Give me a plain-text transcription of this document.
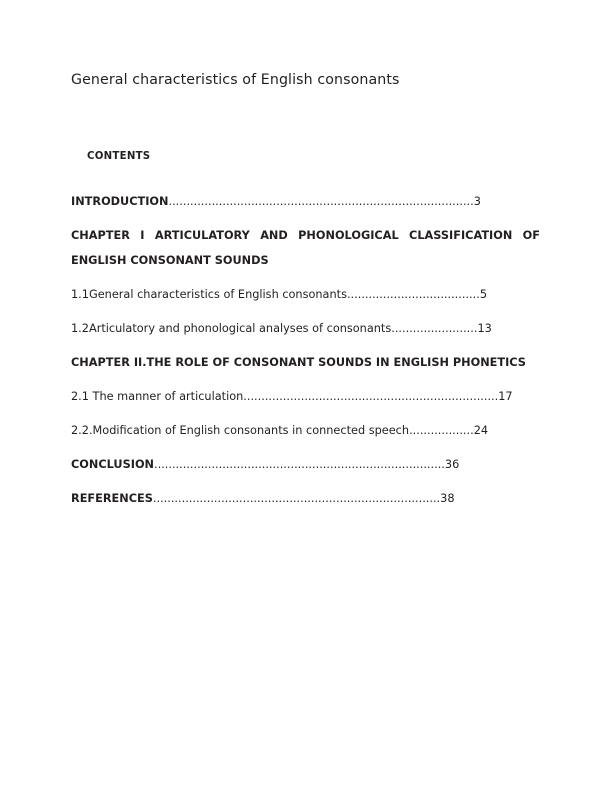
General characteristics of English consonants
CONTENTS

INTRODUCTION.....................................................................................3

CHAPTER I ARTICULATORY AND PHONOLOGICAL CLASSIFICATION OF ENGLISH CONSONANT SOUNDS

1.1General characteristics of English consonants.....................................5

1.2Articulatory and phonological analyses of consonants........................13

CHAPTER II.THE ROLE OF CONSONANT SOUNDS IN ENGLISH PHONETICS

2.1 The manner of articulation.......................................................................17

2.2.Modification of English consonants in connected speech..................24

CONCLUSION.................................................................................36

REFERENCES................................................................................38
